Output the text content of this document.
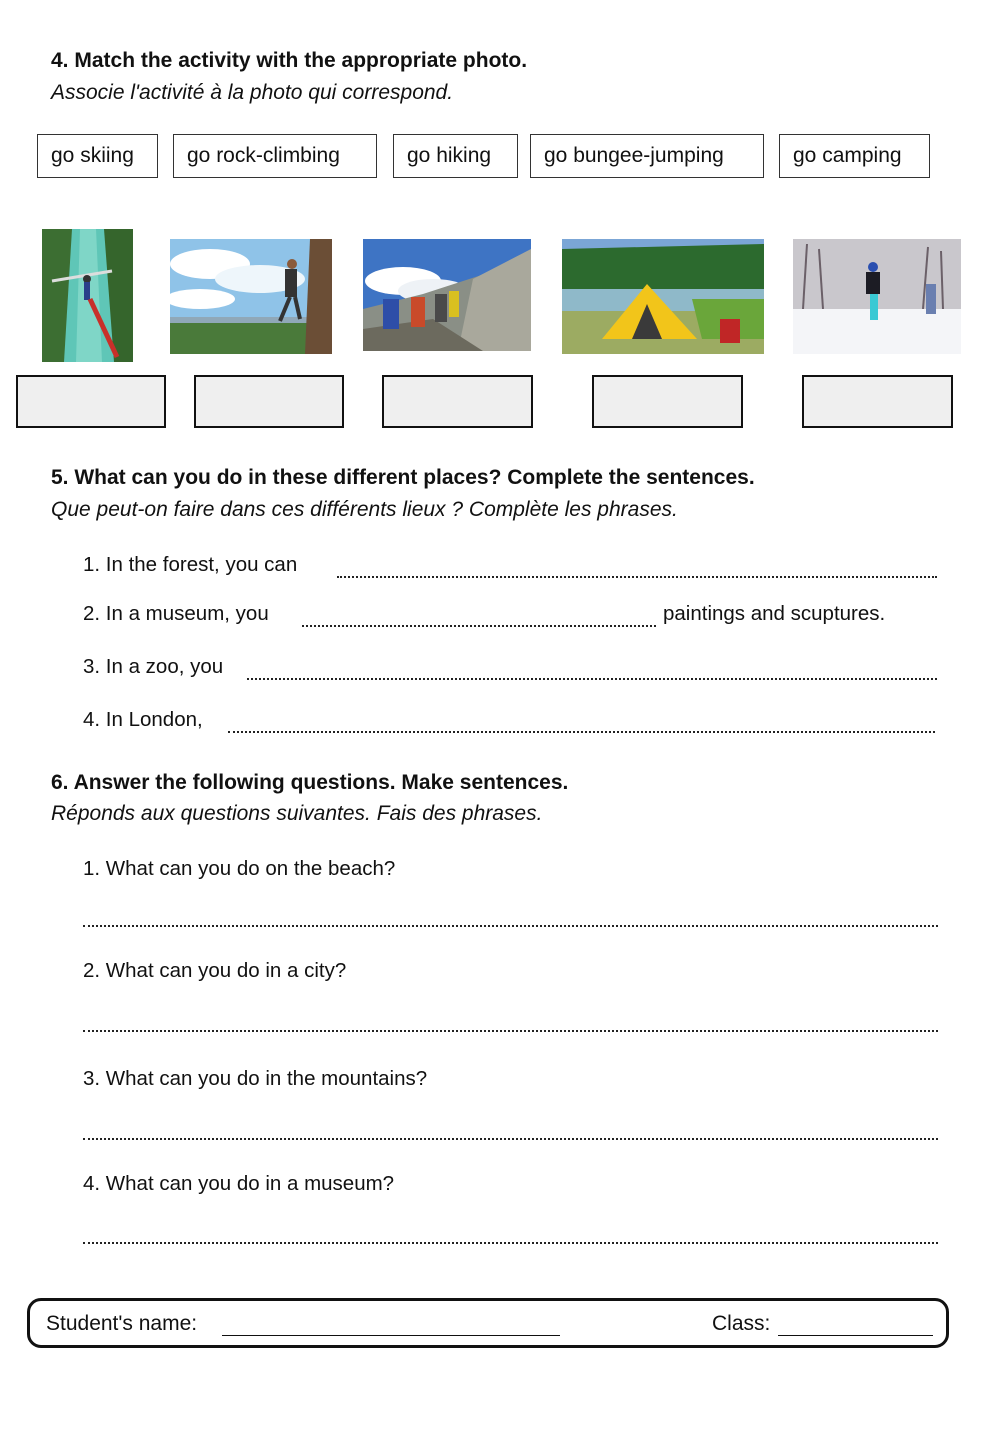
4. Match the activity with the appropriate photo.
Associe l'activité à la photo qui correspond.
go skiing	go rock-climbing	go hiking	go bungee-jumping	go camping
5. What can you do in these different places? Complete the sentences.
Que peut-on faire dans ces différents lieux ? Complète les phrases.
1. In the forest, you can
2. In a museum, you	paintings and scuptures.
3. In a zoo, you
4. In London,
6. Answer the following questions. Make sentences.
Réponds aux questions suivantes. Fais des phrases.
1. What can you do on the beach?
2. What can you do in a city?
3. What can you do in the mountains?
4. What can you do in a museum?
Student's name:	Class:
